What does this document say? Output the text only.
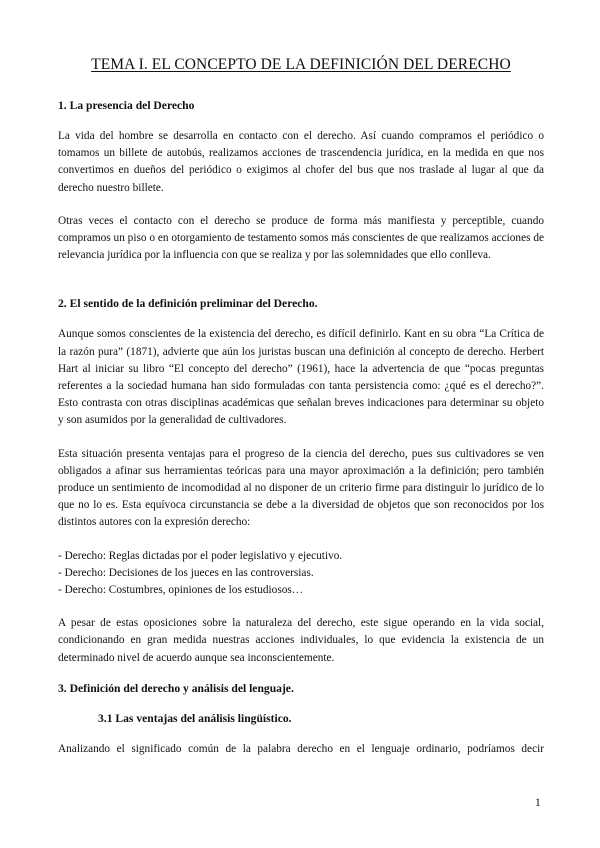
TEMA I. EL CONCEPTO DE LA DEFINICIÓN DEL DERECHO
1. La presencia del Derecho

La vida del hombre se desarrolla en contacto con el derecho. Así cuando compramos el periódico o tomamos un billete de autobús, realizamos acciones de trascendencia jurídica, en la medida en que nos convertimos en dueños del periódico o exigimos al chofer del bus que nos traslade al lugar al que da derecho nuestro billete.

Otras veces el contacto con el derecho se produce de forma más manifiesta y perceptible, cuando compramos un piso o en otorgamiento de testamento somos más conscientes de que realizamos acciones de relevancia jurídica por la influencia con que se realiza y por las solemnidades que ello conlleva.

2. El sentido de la definición preliminar del Derecho.

Aunque somos conscientes de la existencia del derecho, es difícil definirlo. Kant en su obra “La Crítica de la razón pura” (1871), advierte que aún los juristas buscan una definición al concepto de derecho. Herbert Hart al iniciar su libro “El concepto del derecho” (1961), hace la advertencia de que “pocas preguntas referentes a la sociedad humana han sido formuladas con tanta persistencia como: ¿qué es el derecho?”. Esto contrasta con otras disciplinas académicas que señalan breves indicaciones para determinar su objeto y son asumidos por la generalidad de cultivadores.

Esta situación presenta ventajas para el progreso de la ciencia del derecho, pues sus cultivadores se ven obligados a afinar sus herramientas teóricas para una mayor aproximación a la definición; pero también produce un sentimiento de incomodidad al no disponer de un criterio firme para distinguir lo jurídico de lo que no lo es. Esta equívoca circunstancia se debe a la diversidad de objetos que son reconocidos por los distintos autores con la expresión derecho:

- Derecho: Reglas dictadas por el poder legislativo y ejecutivo.
- Derecho: Decisiones de los jueces en las controversias.
- Derecho: Costumbres, opiniones de los estudiosos…

A pesar de estas oposiciones sobre la naturaleza del derecho, este sigue operando en la vida social, condicionando en gran medida nuestras acciones individuales, lo que evidencia la existencia de un determinado nivel de acuerdo aunque sea inconscientemente.

3. Definición del derecho y análisis del lenguaje.
3.1 Las ventajas del análisis lingüístico.

Analizando el significado común de la palabra derecho en el lenguaje ordinario, podríamos decir

1
